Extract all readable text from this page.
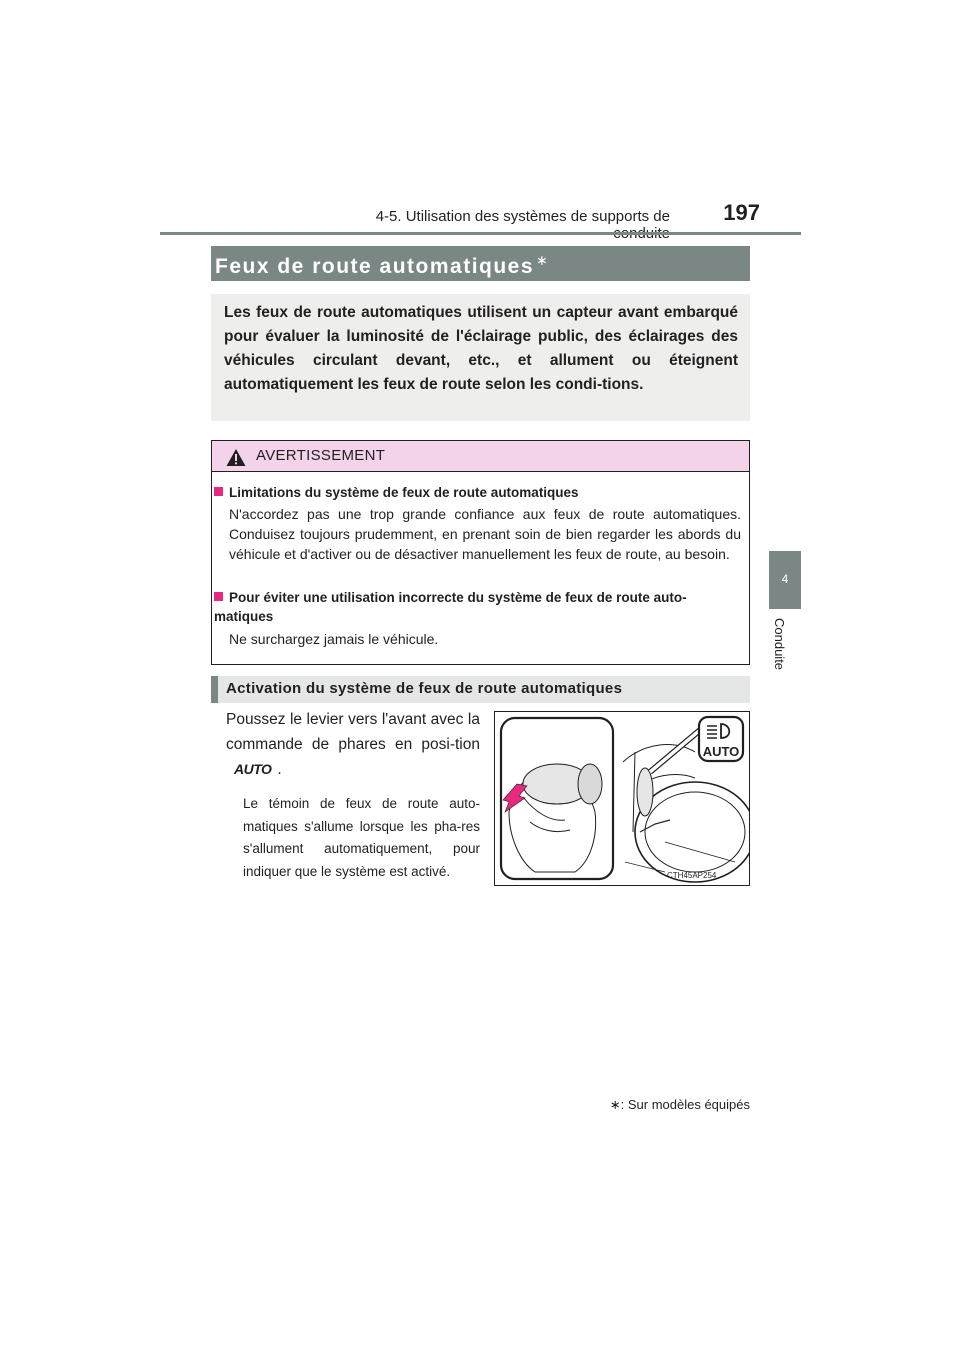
4-5. Utilisation des systèmes de supports de	197
4
Conduite
Feux de route automatiques ∗

Les feux de route automatiques utilisent un capteur avant embarqué pour évaluer la luminosité de l'éclairage public, des éclairages des véhicules circulant devant, etc., et allument ou éteignent automatiquement les feux de route selon les condi-tions.

AVERTISSEMENT
Limitations du système de feux de route automatiques

N'accordez pas une trop grande confiance aux feux de route automatiques. Conduisez toujours prudemment, en prenant soin de bien regarder les abords du véhicule et d'activer ou de désactiver manuellement les feux de route, au besoin.

Pour éviter une utilisation incorrecte du système de feux de route auto-matiques

Ne surchargez jamais le véhicule.

Activation du système de feux de route automatiques

Poussez le levier vers l'avant avec la commande de phares en posi-tionAUTO .

Le témoin de feux de route auto-matiques s'allume lorsque les pha-res s'allument automatiquement, pour indiquer que le système est activé.

AUTO
CTH45AP254
∗: Sur modèles équipés
